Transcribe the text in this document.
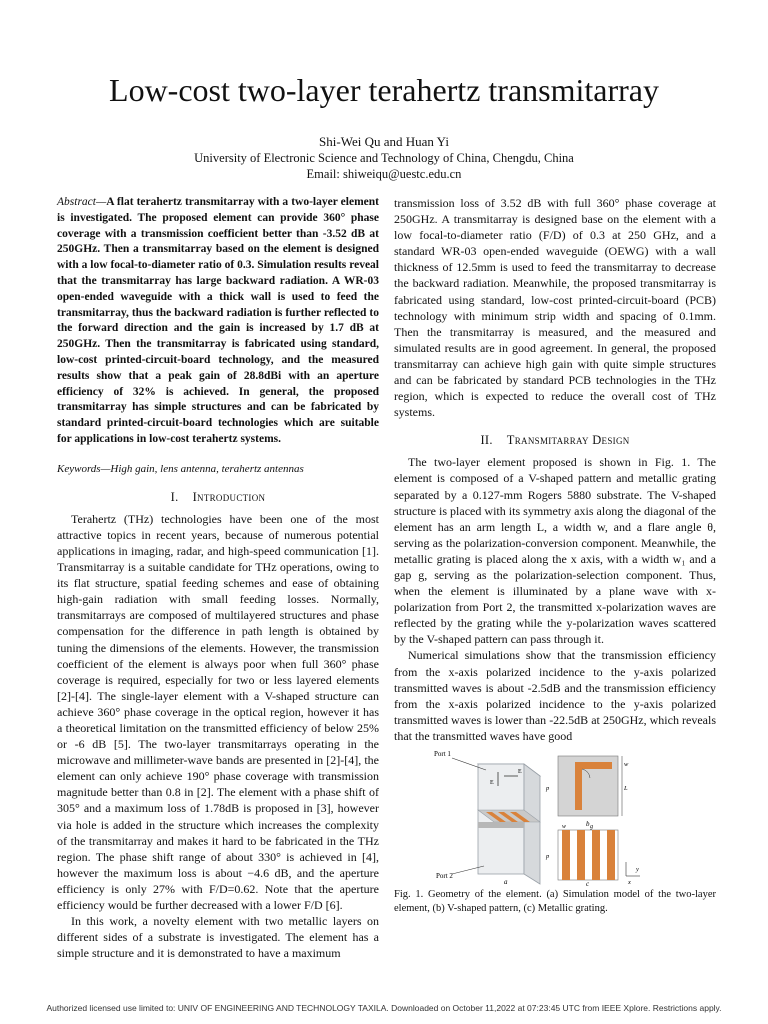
Low-cost two-layer terahertz transmitarray
Shi-Wei Qu and Huan Yi
University of Electronic Science and Technology of China, Chengdu, China
Email: shiweiqu@uestc.edu.cn

Abstract—A flat terahertz transmitarray with a two-layer element is investigated. The proposed element can provide 360° phase coverage with a transmission coefficient better than -3.52 dB at 250GHz. Then a transmitarray based on the element is designed with a low focal-to-diameter ratio of 0.3. Simulation results reveal that the transmitarray has large backward radiation. A WR-03 open-ended waveguide with a thick wall is used to feed the transmitarray, thus the backward radiation is further reflected to the forward direction and the gain is increased by 1.7 dB at 250GHz. Then the transmitarray is fabricated using standard, low-cost printed-circuit-board technology, and the measured results show that a peak gain of 28.8dBi with an aperture efficiency of 32% is achieved. In general, the proposed transmitarray has simple structures and can be fabricated by standard printed-circuit-board technologies which are suitable for applications in low-cost terahertz systems.

Keywords—High gain, lens antenna, terahertz antennas

I. Introduction

Terahertz (THz) technologies have been one of the most attractive topics in recent years, because of numerous potential applications in imaging, radar, and high-speed communication [1]. Transmitarray is a suitable candidate for THz operations, owing to its flat structure, spatial feeding schemes and ease of obtaining high-gain radiation with small feeding losses. Normally, transmitarrays are composed of multilayered structures and phase compensation for the difference in path length is obtained by tuning the dimensions of the elements. However, the transmission coefficient of the element is always poor when full 360° phase coverage is required, especially for two or less layered elements [2]-[4]. The single-layer element with a V-shaped structure can achieve 360° phase coverage in the optical region, however it has a theoretical limitation on the transmitted efficiency of below 25% or -6 dB [5]. The two-layer transmitarrays operating in the microwave and millimeter-wave bands are presented in [2]-[4], the element can only achieve 190° phase coverage with transmission magnitude better than 0.8 in [2]. The element with a phase shift of 305° and a maximum loss of 1.78dB is proposed in [3], however via hole is added in the structure which increases the complexity of the transmitarray and makes it hard to be fabricated in the THz region. The phase shift range of about 330° is achieved in [4], however the maximum loss is about −4.6 dB, and the aperture efficiency is only 27% with F/D=0.62. Note that the aperture efficiency would be further decreased with a lower F/D [6].

In this work, a novelty element with two metallic layers on different sides of a substrate is investigated. The element has a simple structure and it is demonstrated to have a maximum

transmission loss of 3.52 dB with full 360° phase coverage at 250GHz. A transmitarray is designed base on the element with a low focal-to-diameter ratio (F/D) of 0.3 at 250 GHz, and a standard WR-03 open-ended waveguide (OEWG) with a wall thickness of 12.5mm is used to feed the transmitarray to decrease the backward radiation. Meanwhile, the proposed transmitarray is fabricated using standard, low-cost printed-circuit-board (PCB) technology with minimum strip width and spacing of 0.1mm. Then the transmitarray is measured, and the measured and simulated results are in good agreement. In general, the proposed transmitarray can achieve high gain with quite simple structures and can be fabricated by standard PCB technologies in the THz region, which is expected to reduce the overall cost of THz systems.

II. Transmitarray Design

The two-layer element proposed is shown in Fig. 1. The element is composed of a V-shaped pattern and metallic grating separated by a 0.127-mm Rogers 5880 substrate. The V-shaped structure is placed with its symmetry axis along the diagonal of the element has an arm length L, a width w, and a flare angle θ, serving as the polarization-conversion component. Meanwhile, the metallic grating is placed along the x axis, with a width w₁ and a gap g, serving as the polarization-selection component. Thus, when the element is illuminated by a plane wave with x-polarization from Port 2, the transmitted x-polarization waves are reflected by the grating while the y-polarization waves scattered by the V-shaped pattern can pass through it.

Numerical simulations show that the transmission efficiency from the x-axis polarized incidence to the y-axis polarized transmitted waves is about -2.5dB and the transmission efficiency from the x-axis polarized incidence to the y-axis polarized transmitted waves is lower than -22.5dB at 250GHz, which reveals that the transmitted waves have good

Port 1
Port 2
E
E
a
p
w
L
b
w	g
p
y
x
c

Fig. 1. Geometry of the element. (a) Simulation model of the two-layer element, (b) V-shaped pattern, (c) Metallic grating.

Authorized licensed use limited to: UNIV OF ENGINEERING AND TECHNOLOGY TAXILA. Downloaded on October 11,2022 at 07:23:45 UTC from IEEE Xplore. Restrictions apply.
